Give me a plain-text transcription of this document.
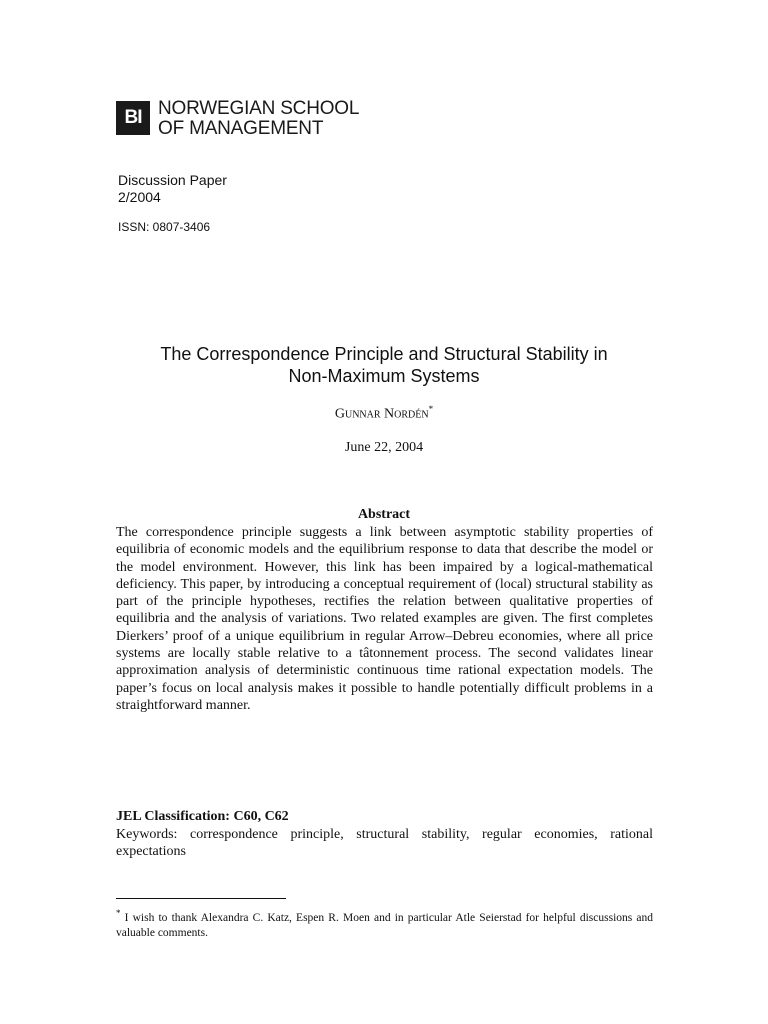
BI NORWEGIAN SCHOOL
OF MANAGEMENT
Discussion Paper
2/2004
ISSN: 0807-3406
The Correspondence Principle and Structural Stability in
Non-Maximum Systems
Gunnar Nordén*
June 22, 2004
Abstract
The correspondence principle suggests a link between asymptotic stability properties of equilibria of economic models and the equilibrium response to data that describe the model or the model environment. However, this link has been impaired by a logical-mathematical deficiency. This paper, by introducing a conceptual requirement of (local) structural stability as part of the principle hypotheses, rectifies the relation between qualitative properties of equilibria and the analysis of variations. Two related examples are given. The first completes Dierkers’ proof of a unique equilibrium in regular Arrow–Debreu economies, where all price systems are locally stable relative to a tâtonnement process. The second validates linear approximation analysis of deterministic continuous time rational expectation models. The paper’s focus on local analysis makes it possible to handle potentially difficult problems in a straightforward manner.
JEL Classification: C60, C62
Keywords: correspondence principle, structural stability, regular economies, rational expectations
* I wish to thank Alexandra C. Katz, Espen R. Moen and in particular Atle Seierstad for helpful discussions and valuable comments.
